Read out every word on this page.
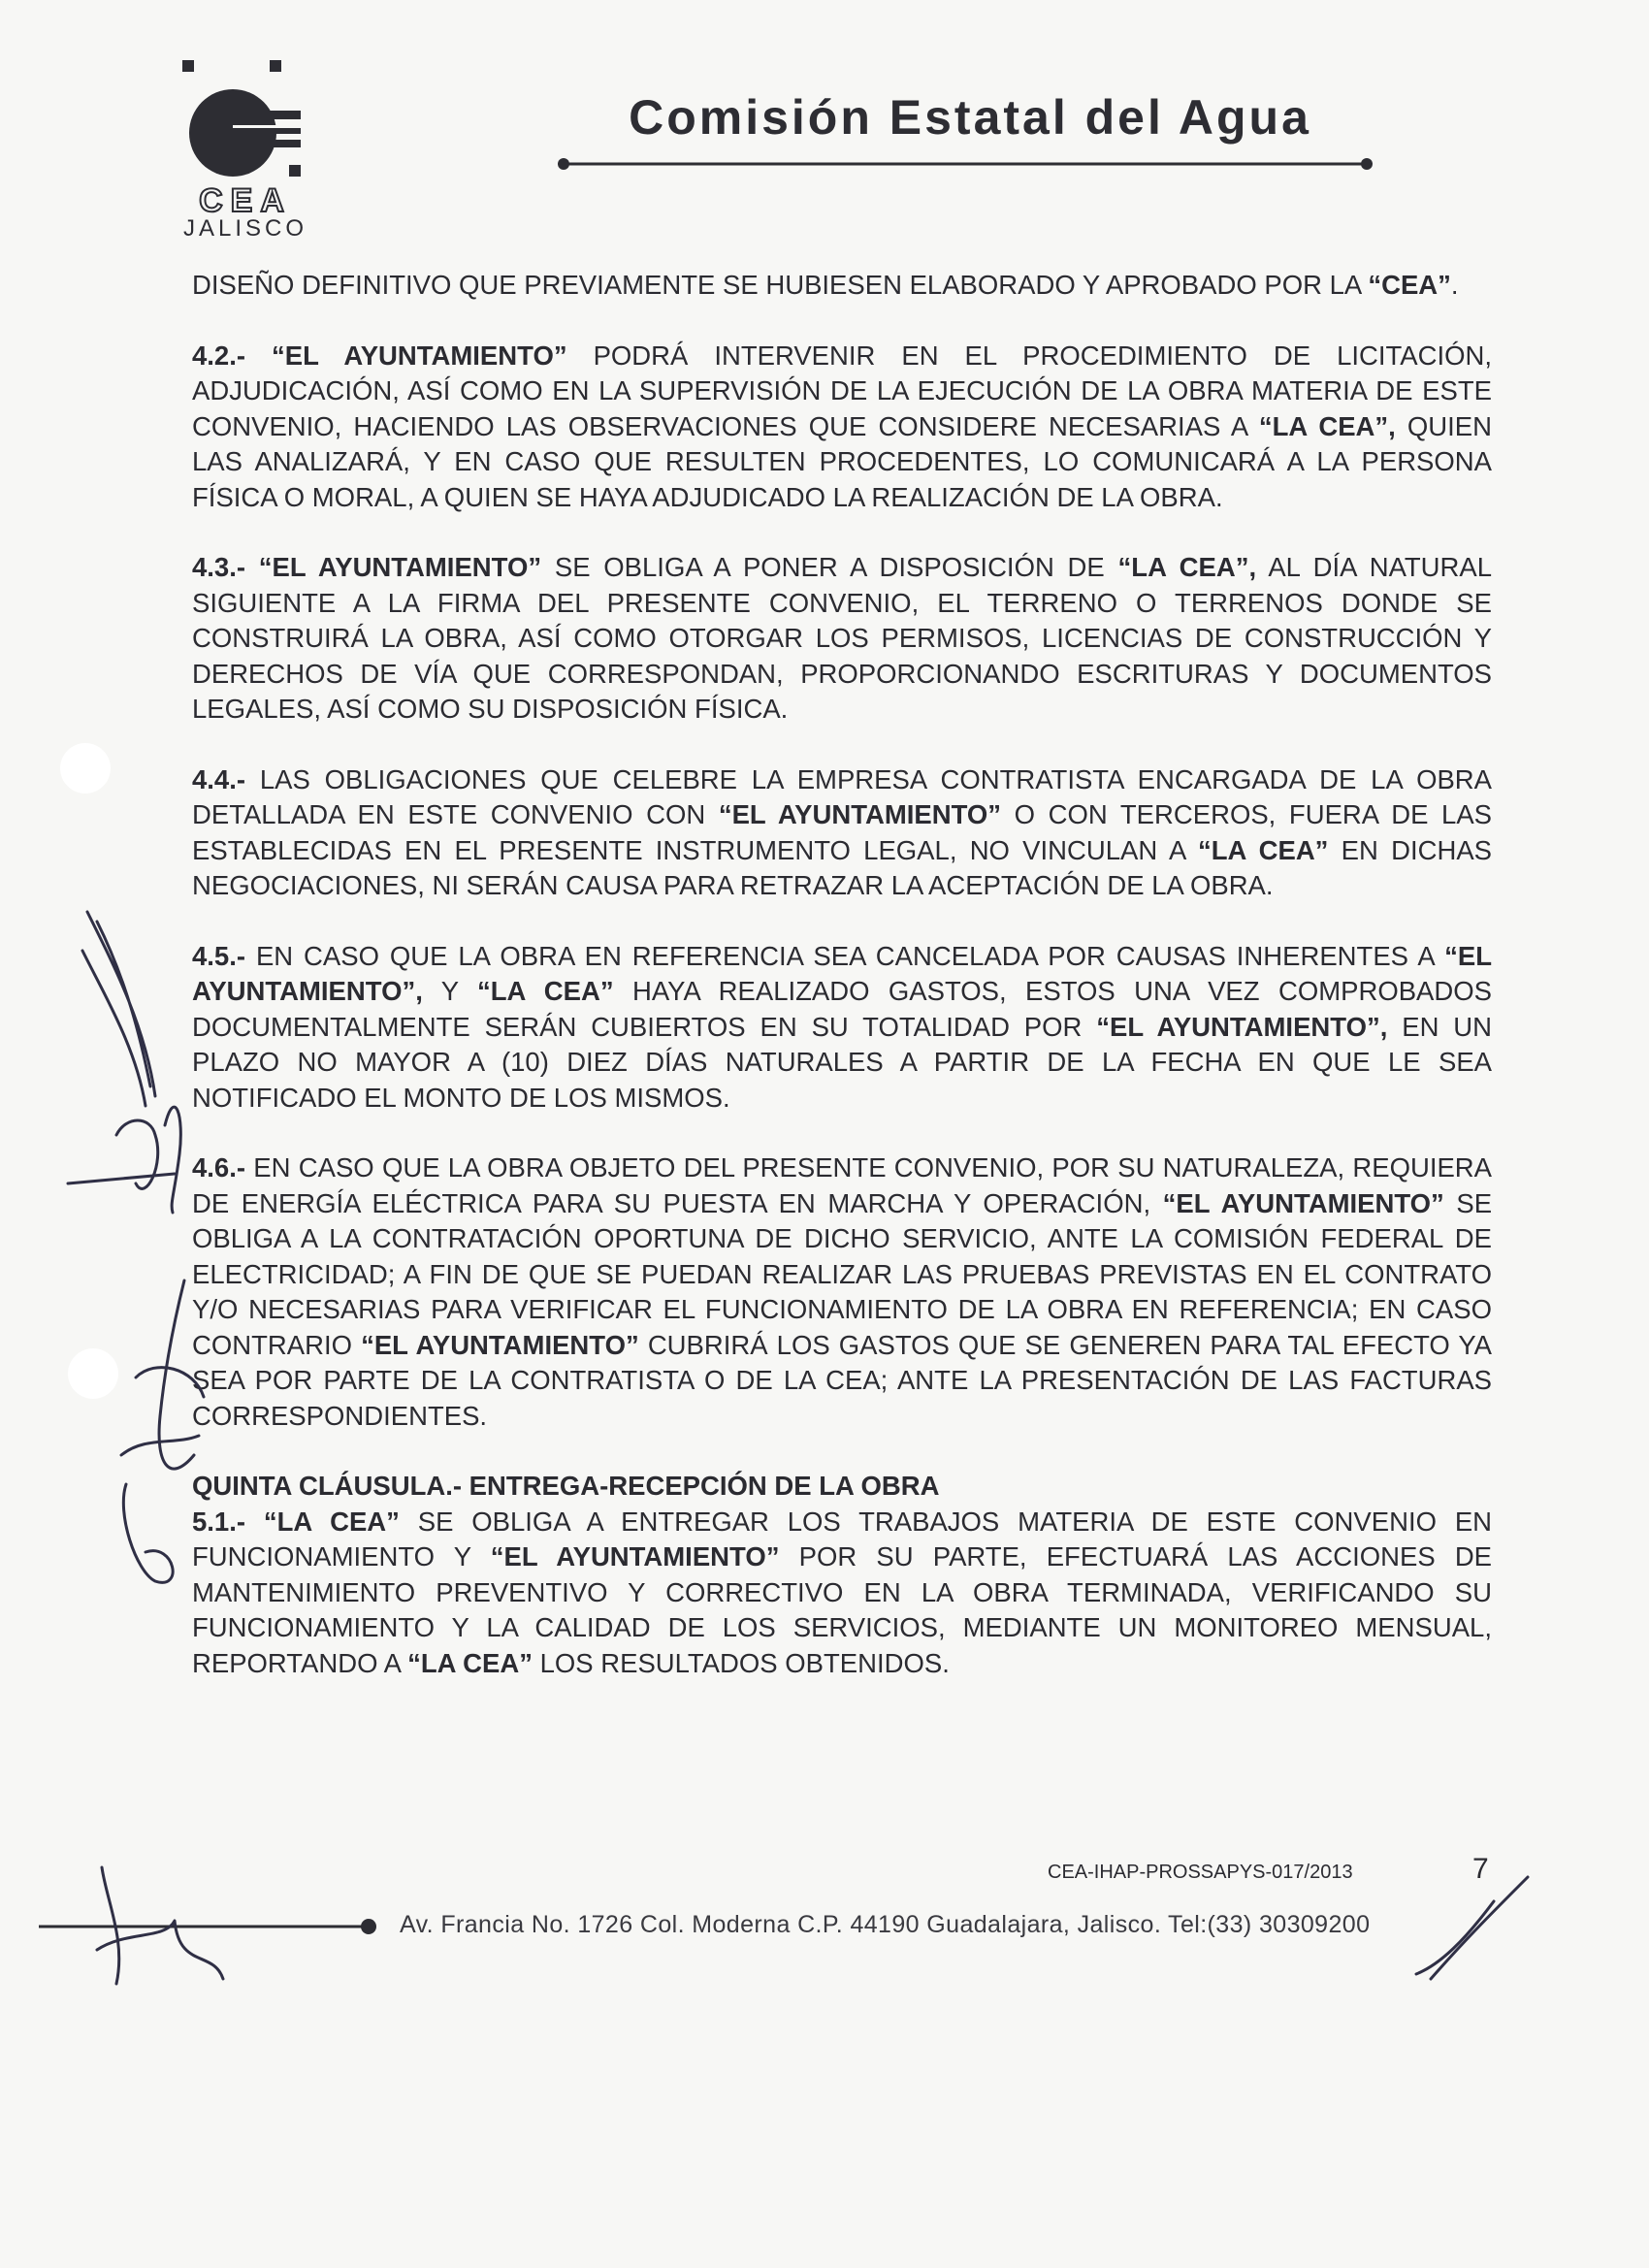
CEA
JALISCO
Comisión Estatal del Agua

DISEÑO DEFINITIVO QUE PREVIAMENTE SE HUBIESEN ELABORADO Y APROBADO POR LA “CEA”.

4.2.- “EL AYUNTAMIENTO” PODRÁ INTERVENIR EN EL PROCEDIMIENTO DE LICITACIÓN, ADJUDICACIÓN, ASÍ COMO EN LA SUPERVISIÓN DE LA EJECUCIÓN DE LA OBRA MATERIA DE ESTE CONVENIO, HACIENDO LAS OBSERVACIONES QUE CONSIDERE NECESARIAS A “LA CEA”, QUIEN LAS ANALIZARÁ, Y EN CASO QUE RESULTEN PROCEDENTES, LO COMUNICARÁ A LA PERSONA FÍSICA O MORAL, A QUIEN SE HAYA ADJUDICADO LA REALIZACIÓN DE LA OBRA.

4.3.- “EL AYUNTAMIENTO” SE OBLIGA A PONER A DISPOSICIÓN DE “LA CEA”, AL DÍA NATURAL SIGUIENTE A LA FIRMA DEL PRESENTE CONVENIO, EL TERRENO O TERRENOS DONDE SE CONSTRUIRÁ LA OBRA, ASÍ COMO OTORGAR LOS PERMISOS, LICENCIAS DE CONSTRUCCIÓN Y DERECHOS DE VÍA QUE CORRESPONDAN, PROPORCIONANDO ESCRITURAS Y DOCUMENTOS LEGALES, ASÍ COMO SU DISPOSICIÓN FÍSICA.

4.4.- LAS OBLIGACIONES QUE CELEBRE LA EMPRESA CONTRATISTA ENCARGADA DE LA OBRA DETALLADA EN ESTE CONVENIO CON “EL AYUNTAMIENTO” O CON TERCEROS, FUERA DE LAS ESTABLECIDAS EN EL PRESENTE INSTRUMENTO LEGAL, NO VINCULAN A “LA CEA” EN DICHAS NEGOCIACIONES, NI SERÁN CAUSA PARA RETRAZAR LA ACEPTACIÓN DE LA OBRA.

4.5.- EN CASO QUE LA OBRA EN REFERENCIA SEA CANCELADA POR CAUSAS INHERENTES A “EL AYUNTAMIENTO”, Y “LA CEA” HAYA REALIZADO GASTOS, ESTOS UNA VEZ COMPROBADOS DOCUMENTALMENTE SERÁN CUBIERTOS EN SU TOTALIDAD POR “EL AYUNTAMIENTO”, EN UN PLAZO NO MAYOR A (10) DIEZ DÍAS NATURALES A PARTIR DE LA FECHA EN QUE LE SEA NOTIFICADO EL MONTO DE LOS MISMOS.

4.6.- EN CASO QUE LA OBRA OBJETO DEL PRESENTE CONVENIO, POR SU NATURALEZA, REQUIERA DE ENERGÍA ELÉCTRICA PARA SU PUESTA EN MARCHA Y OPERACIÓN, “EL AYUNTAMIENTO” SE OBLIGA A LA CONTRATACIÓN OPORTUNA DE DICHO SERVICIO, ANTE LA COMISIÓN FEDERAL DE ELECTRICIDAD; A FIN DE QUE SE PUEDAN REALIZAR LAS PRUEBAS PREVISTAS EN EL CONTRATO Y/O NECESARIAS PARA VERIFICAR EL FUNCIONAMIENTO DE LA OBRA EN REFERENCIA; EN CASO CONTRARIO “EL AYUNTAMIENTO” CUBRIRÁ LOS GASTOS QUE SE GENEREN PARA TAL EFECTO YA SEA POR PARTE DE LA CONTRATISTA O DE LA CEA; ANTE LA PRESENTACIÓN DE LAS FACTURAS CORRESPONDIENTES.

QUINTA CLÁUSULA.- ENTREGA-RECEPCIÓN DE LA OBRA

5.1.- “LA CEA” SE OBLIGA A ENTREGAR LOS TRABAJOS MATERIA DE ESTE CONVENIO EN FUNCIONAMIENTO Y “EL AYUNTAMIENTO” POR SU PARTE, EFECTUARÁ LAS ACCIONES DE MANTENIMIENTO PREVENTIVO Y CORRECTIVO EN LA OBRA TERMINADA, VERIFICANDO SU FUNCIONAMIENTO Y LA CALIDAD DE LOS SERVICIOS, MEDIANTE UN MONITOREO MENSUAL, REPORTANDO A “LA CEA” LOS RESULTADOS OBTENIDOS.

CEA-IHAP-PROSSAPYS-017/2013	7
Av. Francia No. 1726 Col. Moderna C.P. 44190 Guadalajara, Jalisco. Tel:(33) 30309200
